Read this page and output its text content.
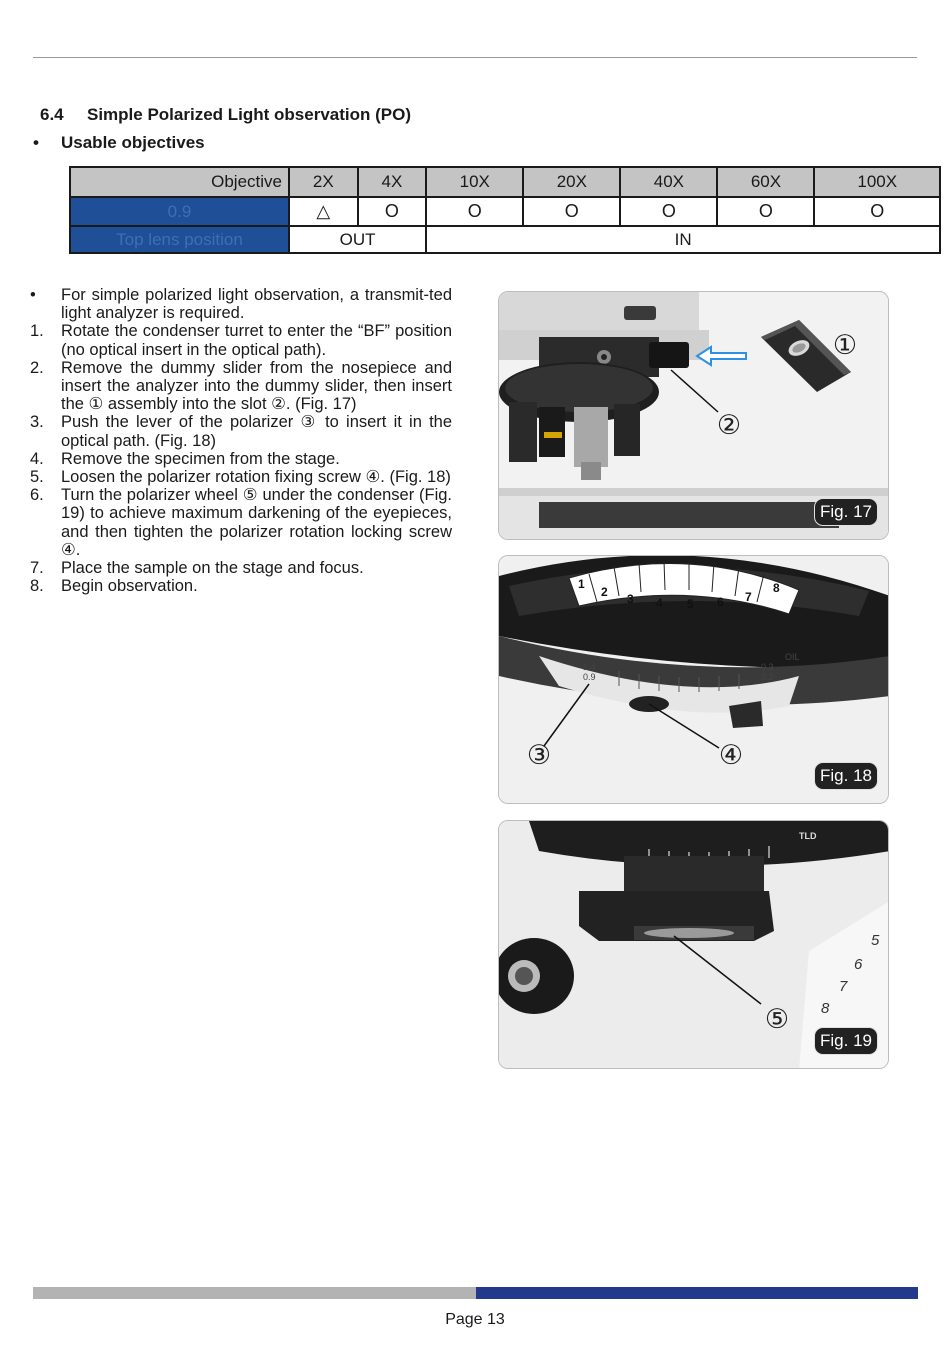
6.4 Simple Polarized Light observation (PO)
• Usable objectives
Objective	2X	4X	10X	20X	40X	60X	100X
0.9	△	O	O	O	O	O	O
Top lens position	OUT		IN				
•	For simple polarized light observation, a transmit-ted light analyzer is required.
1.	Rotate the condenser turret to enter the “BF” position (no optical insert in the optical path).
2.	Remove the dummy slider from the nosepiece and insert the analyzer into the dummy slider, then insert the ① assembly into the slot ②. (Fig. 17)
3.	Push the lever of the polarizer ③ to insert it in the optical path. (Fig. 18)
4.	Remove the specimen from the stage.
5.	Loosen the polarizer rotation fixing screw ④. (Fig. 18)
6.	Turn the polarizer wheel ⑤ under the condenser (Fig. 19) to achieve maximum darkening of the eyepieces, and then tighten the polarizer rotation locking screw ④.
7.	Place the sample on the stage and focus.
8.	Begin observation.
①
②
Fig. 17
1
2 3 4 5 6 7
8
1.4
0.9
0.3
0.2
OIL
③	④
Fig. 18
TLD
5
6
7
8
⑤
Fig. 19
Page 13
